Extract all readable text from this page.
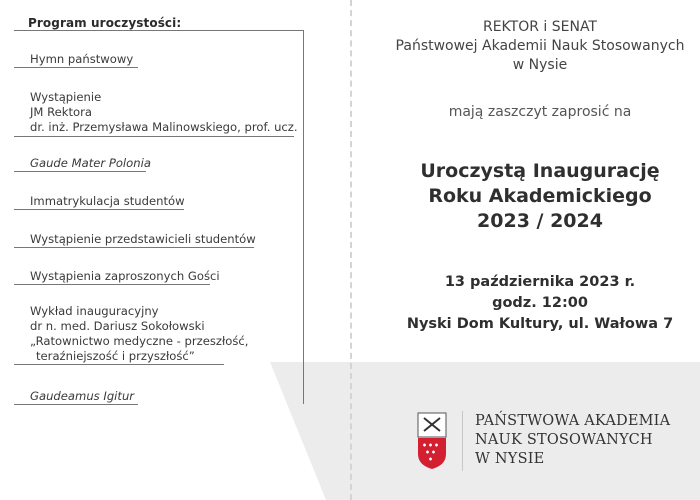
Program uroczystości:
Hymn państwowy
Wystąpienie
JM Rektora
dr. inż. Przemysława Malinowskiego, prof. ucz.
Gaude Mater Polonia
Immatrykulacja studentów
Wystąpienie przedstawicieli studentów
Wystąpienia zaproszonych Gości
Wykład inauguracyjny
dr n. med. Dariusz Sokołowski
„Ratownictwo medyczne - przeszłość,
teraźniejszość i przyszłość”
Gaudeamus Igitur
REKTOR i SENAT
Państwowej Akademii Nauk Stosowanych
w Nysie
mają zaszczyt zaprosić na
Uroczystą Inaugurację
Roku Akademickiego
2023 / 2024
13 października 2023 r.
godz. 12:00
Nyski Dom Kultury, ul. Wałowa 7
PAŃSTWOWA AKADEMIA
NAUK STOSOWANYCH
W NYSIE
